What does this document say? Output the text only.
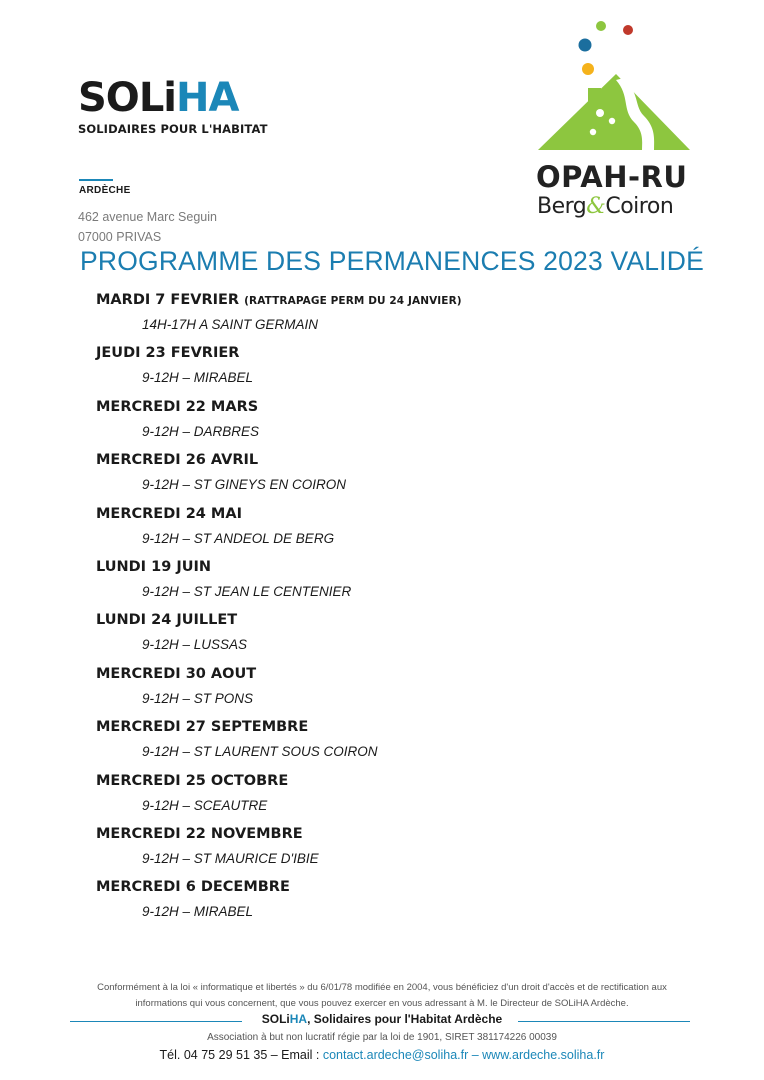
SOLiHA
SOLIDAIRES POUR L'HABITAT
ARDÈCHE
462 avenue Marc Seguin
07000 PRIVAS
OPAH-RU
Berg&Coiron
PROGRAMME DES PERMANENCES 2023 VALIDÉ
MARDI 7 FEVRIER (RATTRAPAGE PERM DU 24 JANVIER)
14H-17H A SAINT GERMAIN
JEUDI 23 FEVRIER
9-12H – MIRABEL
MERCREDI 22 MARS
9-12H – DARBRES
MERCREDI 26 AVRIL
9-12H – ST GINEYS EN COIRON
MERCREDI 24 MAI
9-12H – ST ANDEOL DE BERG
LUNDI 19 JUIN
9-12H – ST JEAN LE CENTENIER
LUNDI 24 JUILLET
9-12H – LUSSAS
MERCREDI 30 AOUT
9-12H – ST PONS
MERCREDI 27 SEPTEMBRE
9-12H – ST LAURENT SOUS COIRON
MERCREDI 25 OCTOBRE
9-12H – SCEAUTRE
MERCREDI 22 NOVEMBRE
9-12H – ST MAURICE D'IBIE
MERCREDI 6 DECEMBRE
9-12H – MIRABEL
Conformément à la loi « informatique et libertés » du 6/01/78 modifiée en 2004, vous bénéficiez d'un droit d'accès et de rectification aux
informations qui vous concernent, que vous pouvez exercer en vous adressant à M. le Directeur de SOLiHA Ardèche.
SOLiHA, Solidaires pour l'Habitat Ardèche
Association à but non lucratif régie par la loi de 1901, SIRET 381174226 00039
Tél. 04 75 29 51 35 – Email : contact.ardeche@soliha.fr – www.ardeche.soliha.fr
